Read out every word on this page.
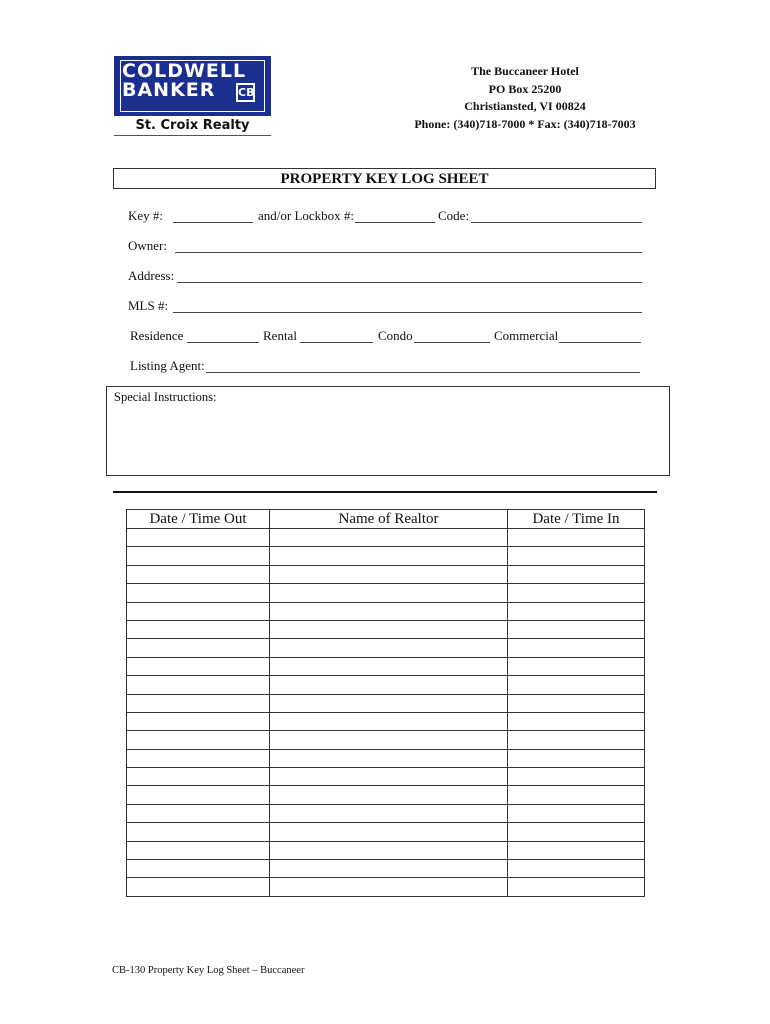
COLDWELL
BANKER CB
St. Croix Realty
The Buccaneer Hotel
PO Box 25200
Christiansted, VI 00824
Phone: (340)718-7000 * Fax: (340)718-7003
PROPERTY KEY LOG SHEET
Key #:	and/or Lockbox #:	Code:
Owner:
Address:
MLS #:
Residence	Rental	Condo	Commercial
Listing Agent:
Special Instructions:
Date / Time Out	Name of Realtor	Date / Time In

CB-130 Property Key Log Sheet – Buccaneer
